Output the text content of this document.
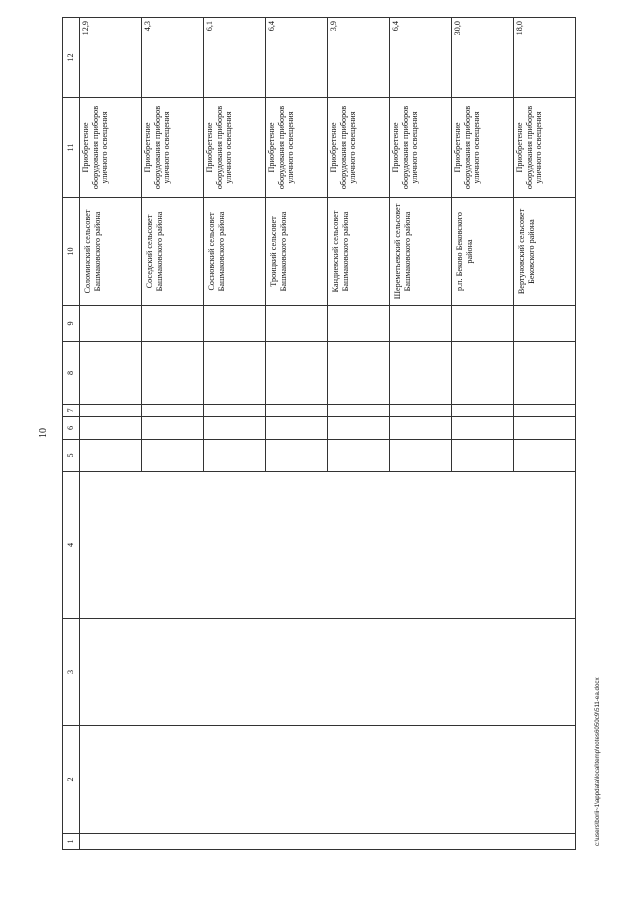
10
1	2	3	4	5	6	7	8	9	10	11	12
									Соломинский сельсовет Башмаковского района	Приобретение оборудования приборов уличного освещения	12,9
									Соседский сельсовет Башмаковского района	Приобретение оборудования приборов уличного освещения	4,3
									Сосновский сельсовет Башмаковского района	Приобретение оборудования приборов уличного освещения	6,1
									Троицкий сельсовет Башмаковского района	Приобретение оборудования приборов уличного освещения	6,4
									Кандиевский сельсовет Башмаковского района	Приобретение оборудования приборов уличного освещения	3,9
									Шереметьевский сельсовет Башмаковского района	Приобретение оборудования приборов уличного освещения	6,4
									р.п. Бековo Бековского района	Приобретение оборудования приборов уличного освещения	30,0
									Вертуновский сельсовет Бековского района	Приобретение оборудования приборов уличного освещения	18,0
c:\users\borii~1\appdata\local\temp\notes6050c9\511-ea.docx
